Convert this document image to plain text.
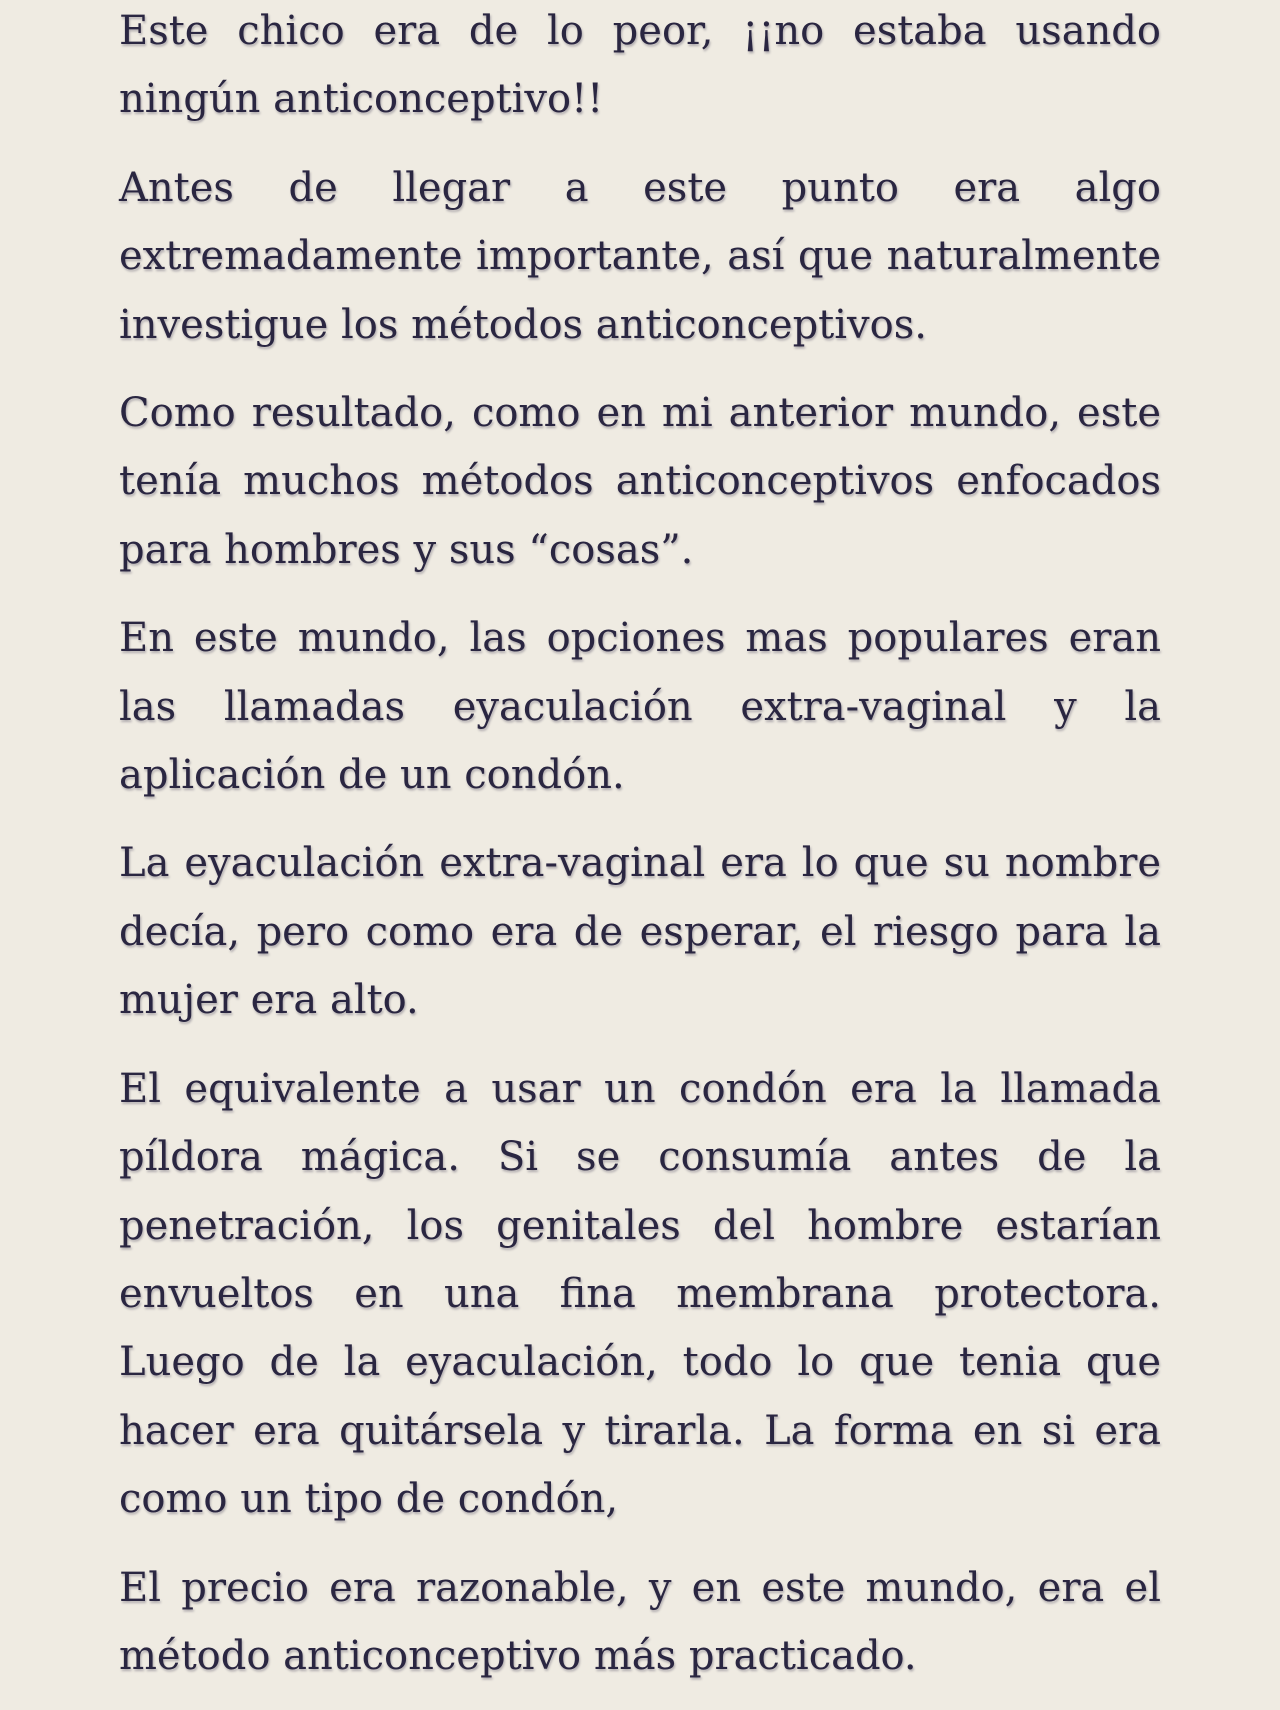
Este chico era de lo peor, ¡¡no estaba usando ningún anticonceptivo!!

Antes de llegar a este punto era algo extremadamente importante, así que naturalmente investigue los métodos anticonceptivos.

Como resultado, como en mi anterior mundo, este tenía muchos métodos anticonceptivos enfocados para hombres y sus “cosas”.

En este mundo, las opciones mas populares eran las llamadas eyaculación extra-vaginal y la aplicación de un condón.

La eyaculación extra-vaginal era lo que su nombre decía, pero como era de esperar, el riesgo para la mujer era alto.

El equivalente a usar un condón era la llamada píldora mágica. Si se consumía antes de la penetración, los genitales del hombre estarían envueltos en una fina membrana protectora. Luego de la eyaculación, todo lo que tenia que hacer era quitársela y tirarla. La forma en si era como un tipo de condón,

El precio era razonable, y en este mundo, era el método anticonceptivo más practicado.
